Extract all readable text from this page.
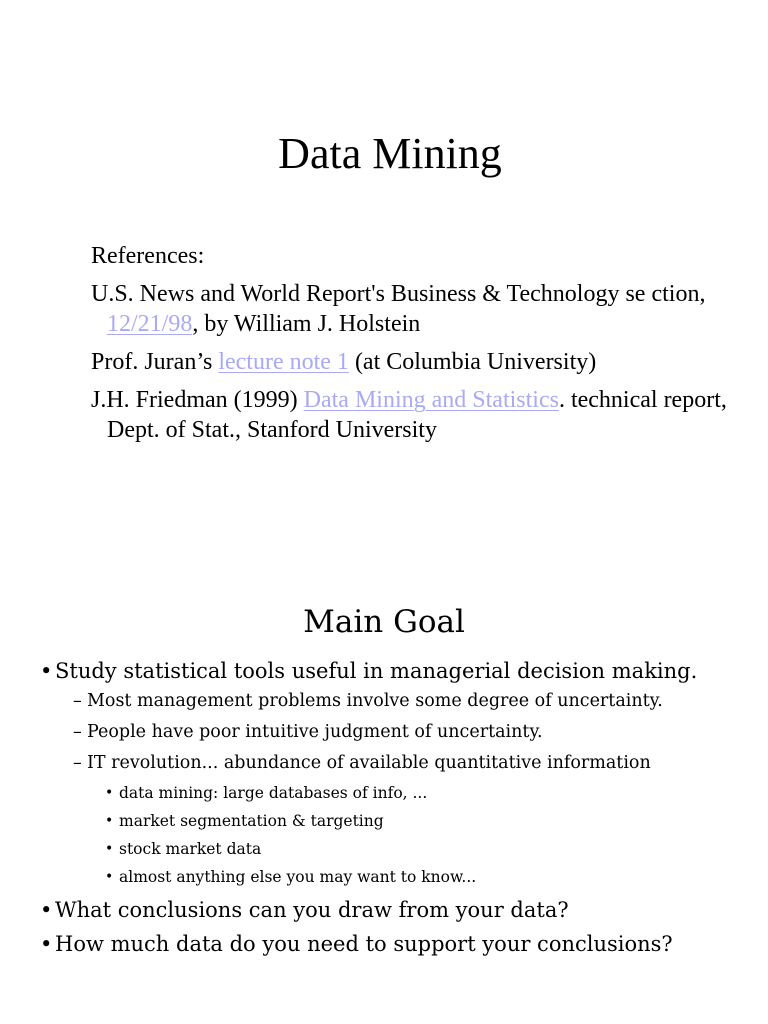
Data Mining

References:

U.S. News and World Report's Business & Technology se ction, 12/21/98, by William J. Holstein

Prof. Juran’s lecture note 1 (at Columbia University)

J.H. Friedman (1999) Data Mining and Statistics. technical report, Dept. of Stat., Stanford University

Main Goal
• Study statistical tools useful in managerial decision making.
– Most management problems involve some degree of uncertainty.
– People have poor intuitive judgment of uncertainty.
– IT revolution... abundance of available quantitative information
• data mining: large databases of info, ...
• market segmentation & targeting
• stock market data
• almost anything else you may want to know...
• What conclusions can you draw from your data?
• How much data do you need to support your conclusions?
